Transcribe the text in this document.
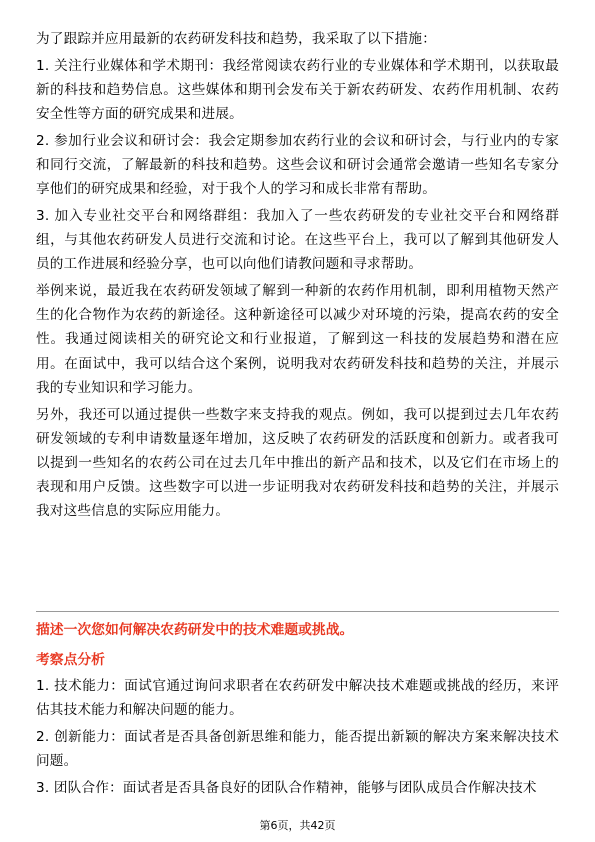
为了跟踪并应用最新的农药研发科技和趋势，我采取了以下措施：

1. 关注行业媒体和学术期刊：我经常阅读农药行业的专业媒体和学术期刊，以获取最新的科技和趋势信息。这些媒体和期刊会发布关于新农药研发、农药作用机制、农药安全性等方面的研究成果和进展。

2. 参加行业会议和研讨会：我会定期参加农药行业的会议和研讨会，与行业内的专家和同行交流，了解最新的科技和趋势。这些会议和研讨会通常会邀请一些知名专家分享他们的研究成果和经验，对于我个人的学习和成长非常有帮助。

3. 加入专业社交平台和网络群组：我加入了一些农药研发的专业社交平台和网络群组，与其他农药研发人员进行交流和讨论。在这些平台上，我可以了解到其他研发人员的工作进展和经验分享，也可以向他们请教问题和寻求帮助。

举例来说，最近我在农药研发领域了解到一种新的农药作用机制，即利用植物天然产生的化合物作为农药的新途径。这种新途径可以减少对环境的污染，提高农药的安全性。我通过阅读相关的研究论文和行业报道，了解到这一科技的发展趋势和潜在应用。在面试中，我可以结合这个案例，说明我对农药研发科技和趋势的关注，并展示我的专业知识和学习能力。

另外，我还可以通过提供一些数字来支持我的观点。例如，我可以提到过去几年农药研发领域的专利申请数量逐年增加，这反映了农药研发的活跃度和创新力。或者我可以提到一些知名的农药公司在过去几年中推出的新产品和技术，以及它们在市场上的表现和用户反馈。这些数字可以进一步证明我对农药研发科技和趋势的关注，并展示我对这些信息的实际应用能力。

描述一次您如何解决农药研发中的技术难题或挑战。
考察点分析

1. 技术能力：面试官通过询问求职者在农药研发中解决技术难题或挑战的经历，来评估其技术能力和解决问题的能力。

2. 创新能力：面试者是否具备创新思维和能力，能否提出新颖的解决方案来解决技术问题。

3. 团队合作：面试者是否具备良好的团队合作精神，能够与团队成员合作解决技术

第6页，共42页
